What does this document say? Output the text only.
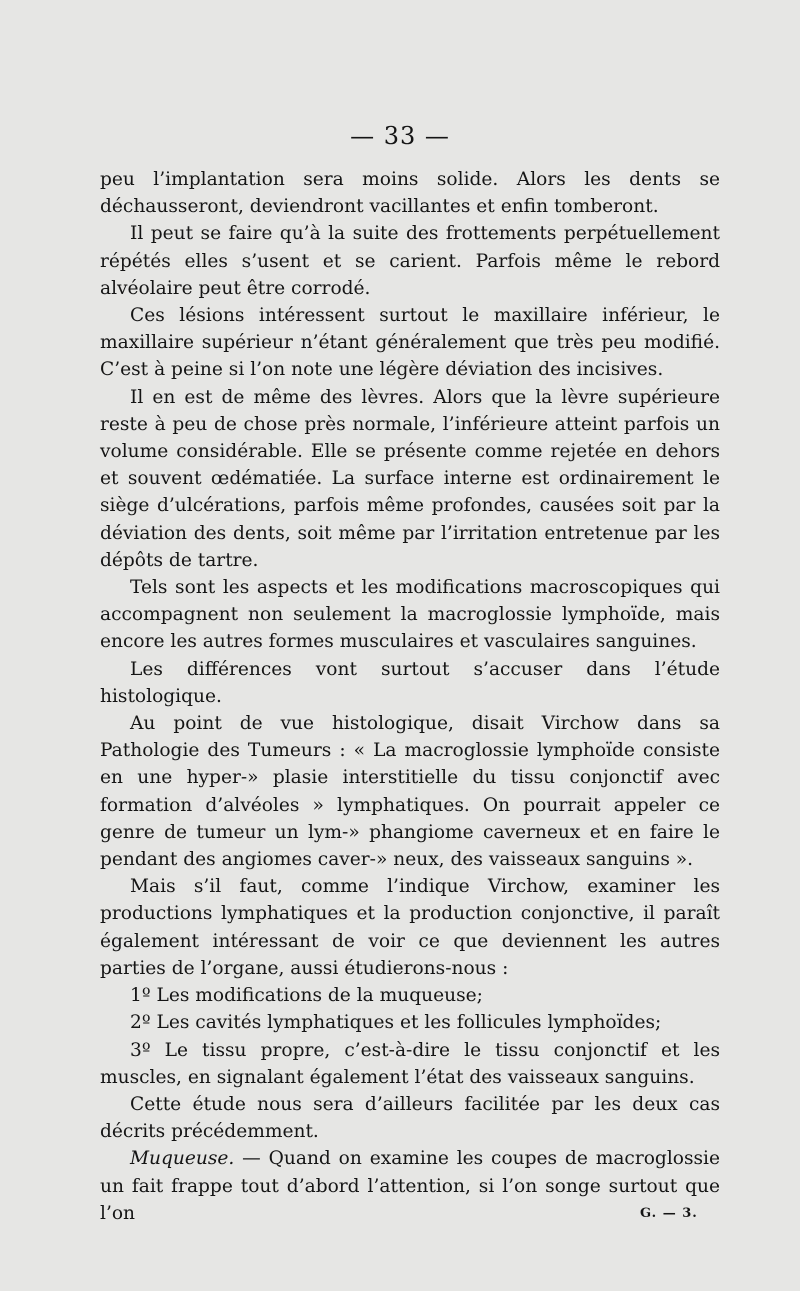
— 33 —

peu l’implantation sera moins solide. Alors les dents se déchausseront, deviendront vacillantes et enfin tomberont.

Il peut se faire qu’à la suite des frottements perpétuellement répétés elles s’usent et se carient. Parfois même le rebord alvéolaire peut être corrodé.

Ces lésions intéressent surtout le maxillaire inférieur, le maxillaire supérieur n’étant généralement que très peu modifié. C’est à peine si l’on note une légère déviation des incisives.

Il en est de même des lèvres. Alors que la lèvre supérieure reste à peu de chose près normale, l’inférieure atteint parfois un volume considérable. Elle se présente comme rejetée en dehors et souvent œdématiée. La surface interne est ordinairement le siège d’ulcérations, parfois même profondes, causées soit par la déviation des dents, soit même par l’irritation entretenue par les dépôts de tartre.

Tels sont les aspects et les modifications macroscopiques qui accompagnent non seulement la macroglossie lymphoïde, mais encore les autres formes musculaires et vasculaires sanguines.

Les différences vont surtout s’accuser dans l’étude histologique.

Au point de vue histologique, disait Virchow dans sa Pathologie des Tumeurs : « La macroglossie lymphoïde consiste en une hyper-» plasie interstitielle du tissu conjonctif avec formation d’alvéoles » lymphatiques. On pourrait appeler ce genre de tumeur un lym-» phangiome caverneux et en faire le pendant des angiomes caver-» neux, des vaisseaux sanguins ».

Mais s’il faut, comme l’indique Virchow, examiner les productions lymphatiques et la production conjonctive, il paraît également intéressant de voir ce que deviennent les autres parties de l’organe, aussi étudierons-nous :

1º Les modifications de la muqueuse;

2º Les cavités lymphatiques et les follicules lymphoïdes;

3º Le tissu propre, c’est-à-dire le tissu conjonctif et les muscles, en signalant également l’état des vaisseaux sanguins.

Cette étude nous sera d’ailleurs facilitée par les deux cas décrits précédemment.

Muqueuse. — Quand on examine les coupes de macroglossie un fait frappe tout d’abord l’attention, si l’on songe surtout que l’on	G. — 3.
